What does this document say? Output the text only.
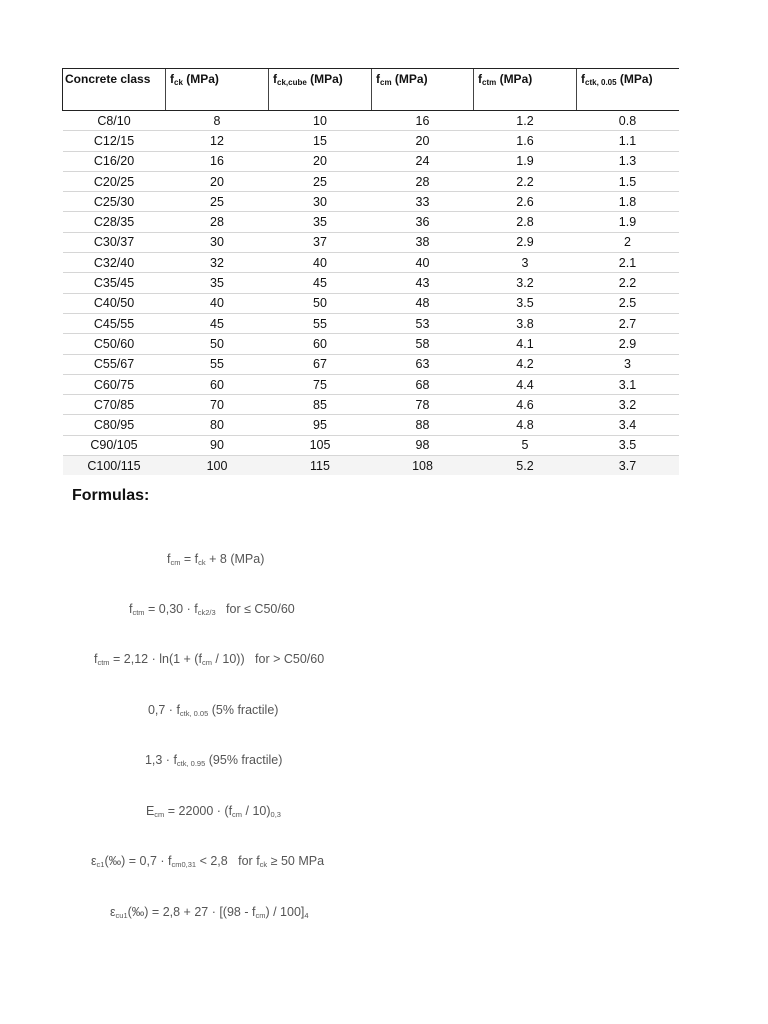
Concrete class	$f_{ck}$ (MPa)	$f_{ck,cube}$ (MPa)	$f_{cm}$ (MPa)	$f_{ctm}$ (MPa)	$f_{ctk, 0.05}$ (MPa)
C8/10	8	10	16	1.2	0.8
C12/15	12	15	20	1.6	1.1
C16/20	16	20	24	1.9	1.3
C20/25	20	25	28	2.2	1.5
C25/30	25	30	33	2.6	1.8
C28/35	28	35	36	2.8	1.9
C30/37	30	37	38	2.9	2
C32/40	32	40	40	3	2.1
C35/45	35	45	43	3.2	2.2
C40/50	40	50	48	3.5	2.5
C45/55	45	55	53	3.8	2.7
C50/60	50	60	58	4.1	2.9
C55/67	55	67	63	4.2	3
C60/75	60	75	68	4.4	3.1
C70/85	70	85	78	4.6	3.2
C80/95	80	95	88	4.8	3.4
C90/105	90	105	98	5	3.5
C100/115	100	115	108	5.2	3.7
Formulas:

$f_{cm} = f_{ck} + 8$ (MPa)

$f_{ctm} = 0,30 \cdot f_{ck2/3}$   for ≤ C50/60

$f_{ctm} = 2,12 \cdot \ln(1 + (f_{cm} / 10))$   for > C50/60

$0,7 \cdot f_{ctk, 0.05}$ (5% fractile)

$1,3 \cdot f_{ctk, 0.95}$ (95% fractile)

$E_{cm} = 22000 \cdot (f_{cm} / 10)_{0,3}$

$\varepsilon_{c1}(‰) = 0,7 \cdot f_{cm0,31} < 2,8$   for $f_{ck} \ge 50$ MPa

$\varepsilon_{cu1}(‰) = 2,8 + 27 \cdot [(98 - f_{cm}) / 100]_4$
